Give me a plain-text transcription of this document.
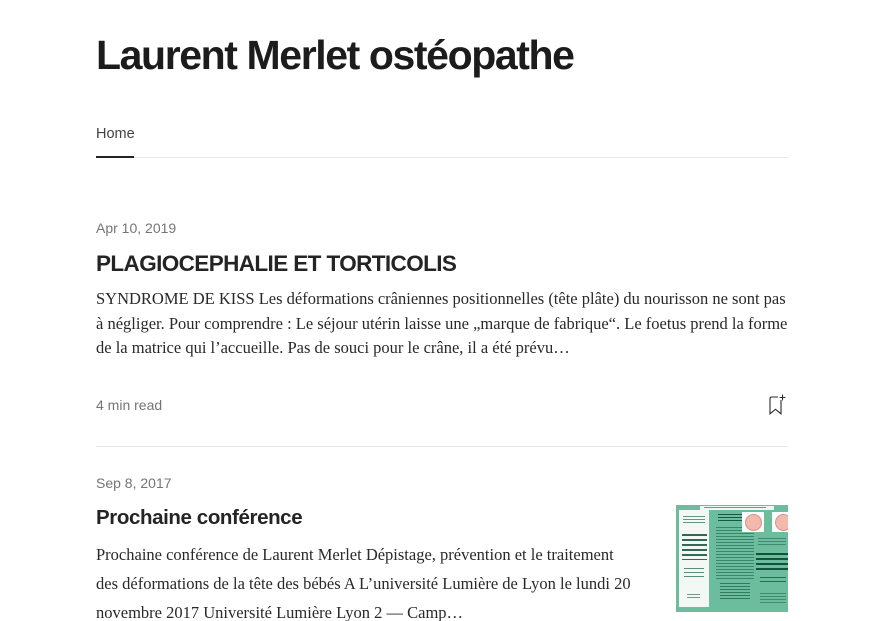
Laurent Merlet ostéopathe
Home
Apr 10, 2019
PLAGIOCEPHALIE ET TORTICOLIS

SYNDROME DE KISS Les déformations crâniennes positionnelles (tête plâte) du nourisson ne sont pas à négliger. Pour comprendre : Le séjour utérin laisse une „marque de fabrique“. Le foetus prend la forme de la matrice qui l’accueille. Pas de souci pour le crâne, il a été prévu…

4 min read
Sep 8, 2017
Prochaine conférence

Prochaine conférence de Laurent Merlet Dépistage, prévention et le traitement des déformations de la tête des bébés A L’université Lumière de Lyon le lundi 20 novembre 2017 Université Lumière Lyon 2 — Camp…
